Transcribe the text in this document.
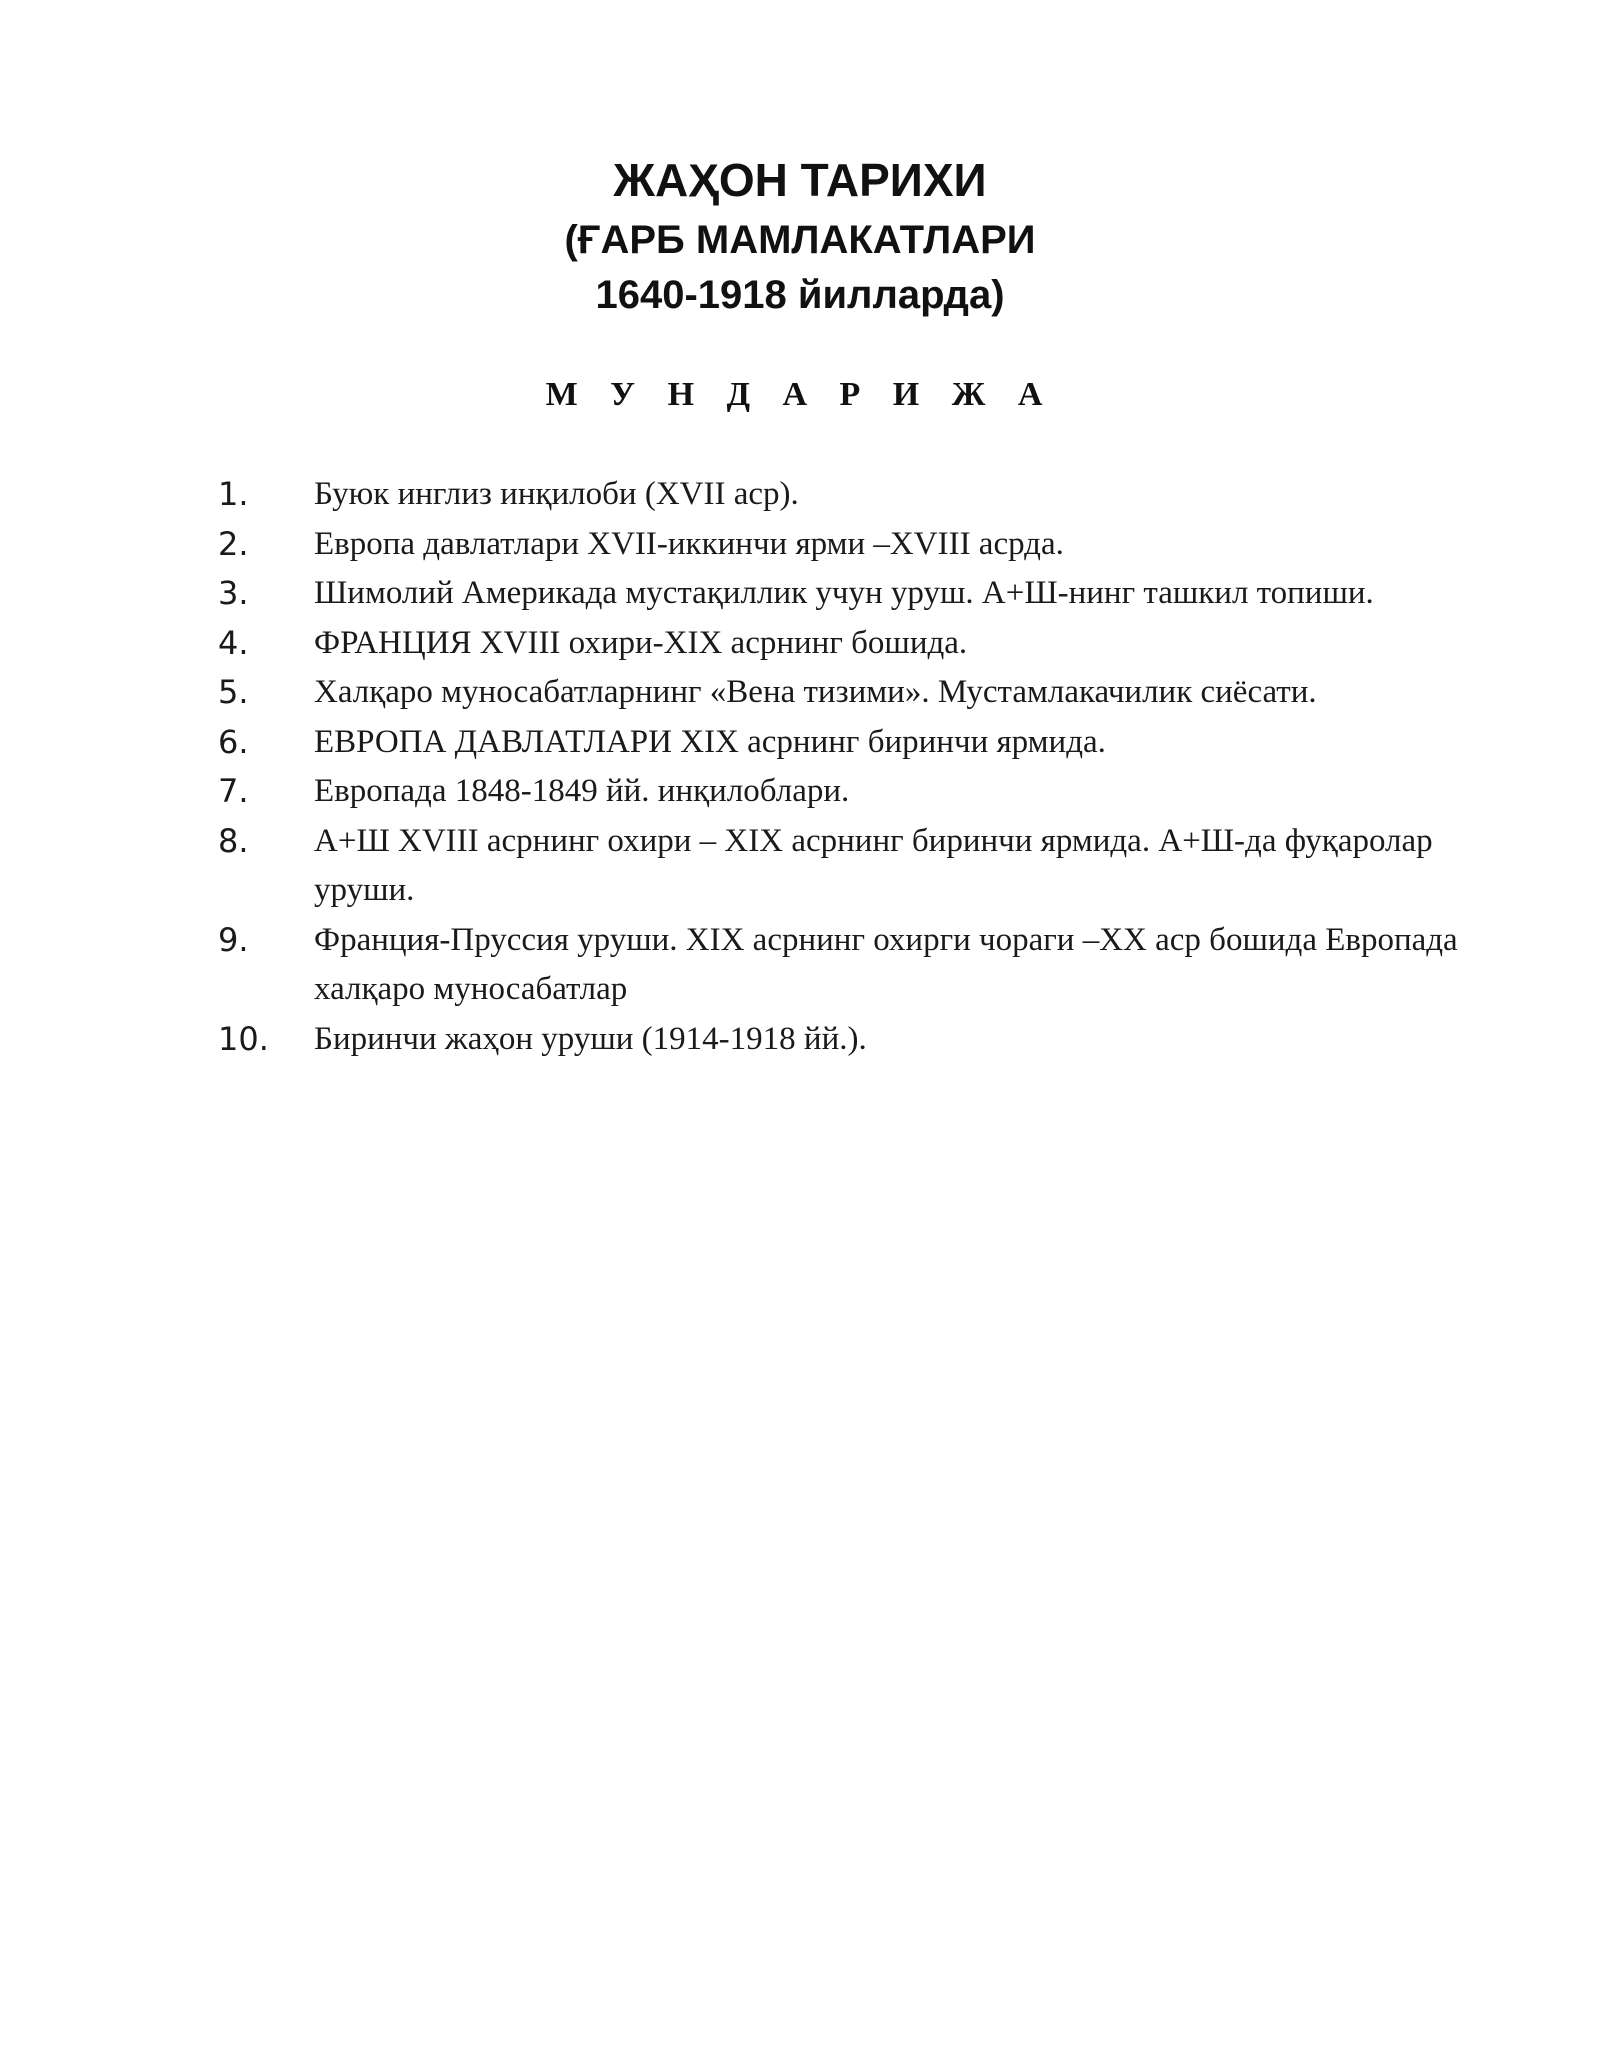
ЖАҲОН ТАРИХИ
(ҒАРБ МАМЛАКАТЛАРИ
1640-1918 йилларда)
М У Н Д А Р И Ж А
1. Буюк инглиз инқилоби (XVII аср).
2. Европа давлатлари XVII-иккинчи ярми –XVIII асрда.
3. Шимолий Америкада мустақиллик учун уруш. А+Ш-нинг ташкил топиши.
4. ФРАНЦИЯ XVIII охири-XIX асрнинг бошида.
5. Халқаро муносабатларнинг «Вена тизими». Мустамлакачилик сиёсати.
6. ЕВРОПА ДАВЛАТЛАРИ XIX асрнинг биринчи ярмида.
7. Европада 1848-1849 йй. инқилоблари.
8. А+Ш XVIII асрнинг охири – XIX асрнинг биринчи ярмида. А+Ш-да фуқаролар уруши.
9. Франция-Пруссия уруши. XIX асрнинг охирги чораги –XX аср бошида Европада халқаро муносабатлар
10. Биринчи жаҳон уруши (1914-1918 йй.).
